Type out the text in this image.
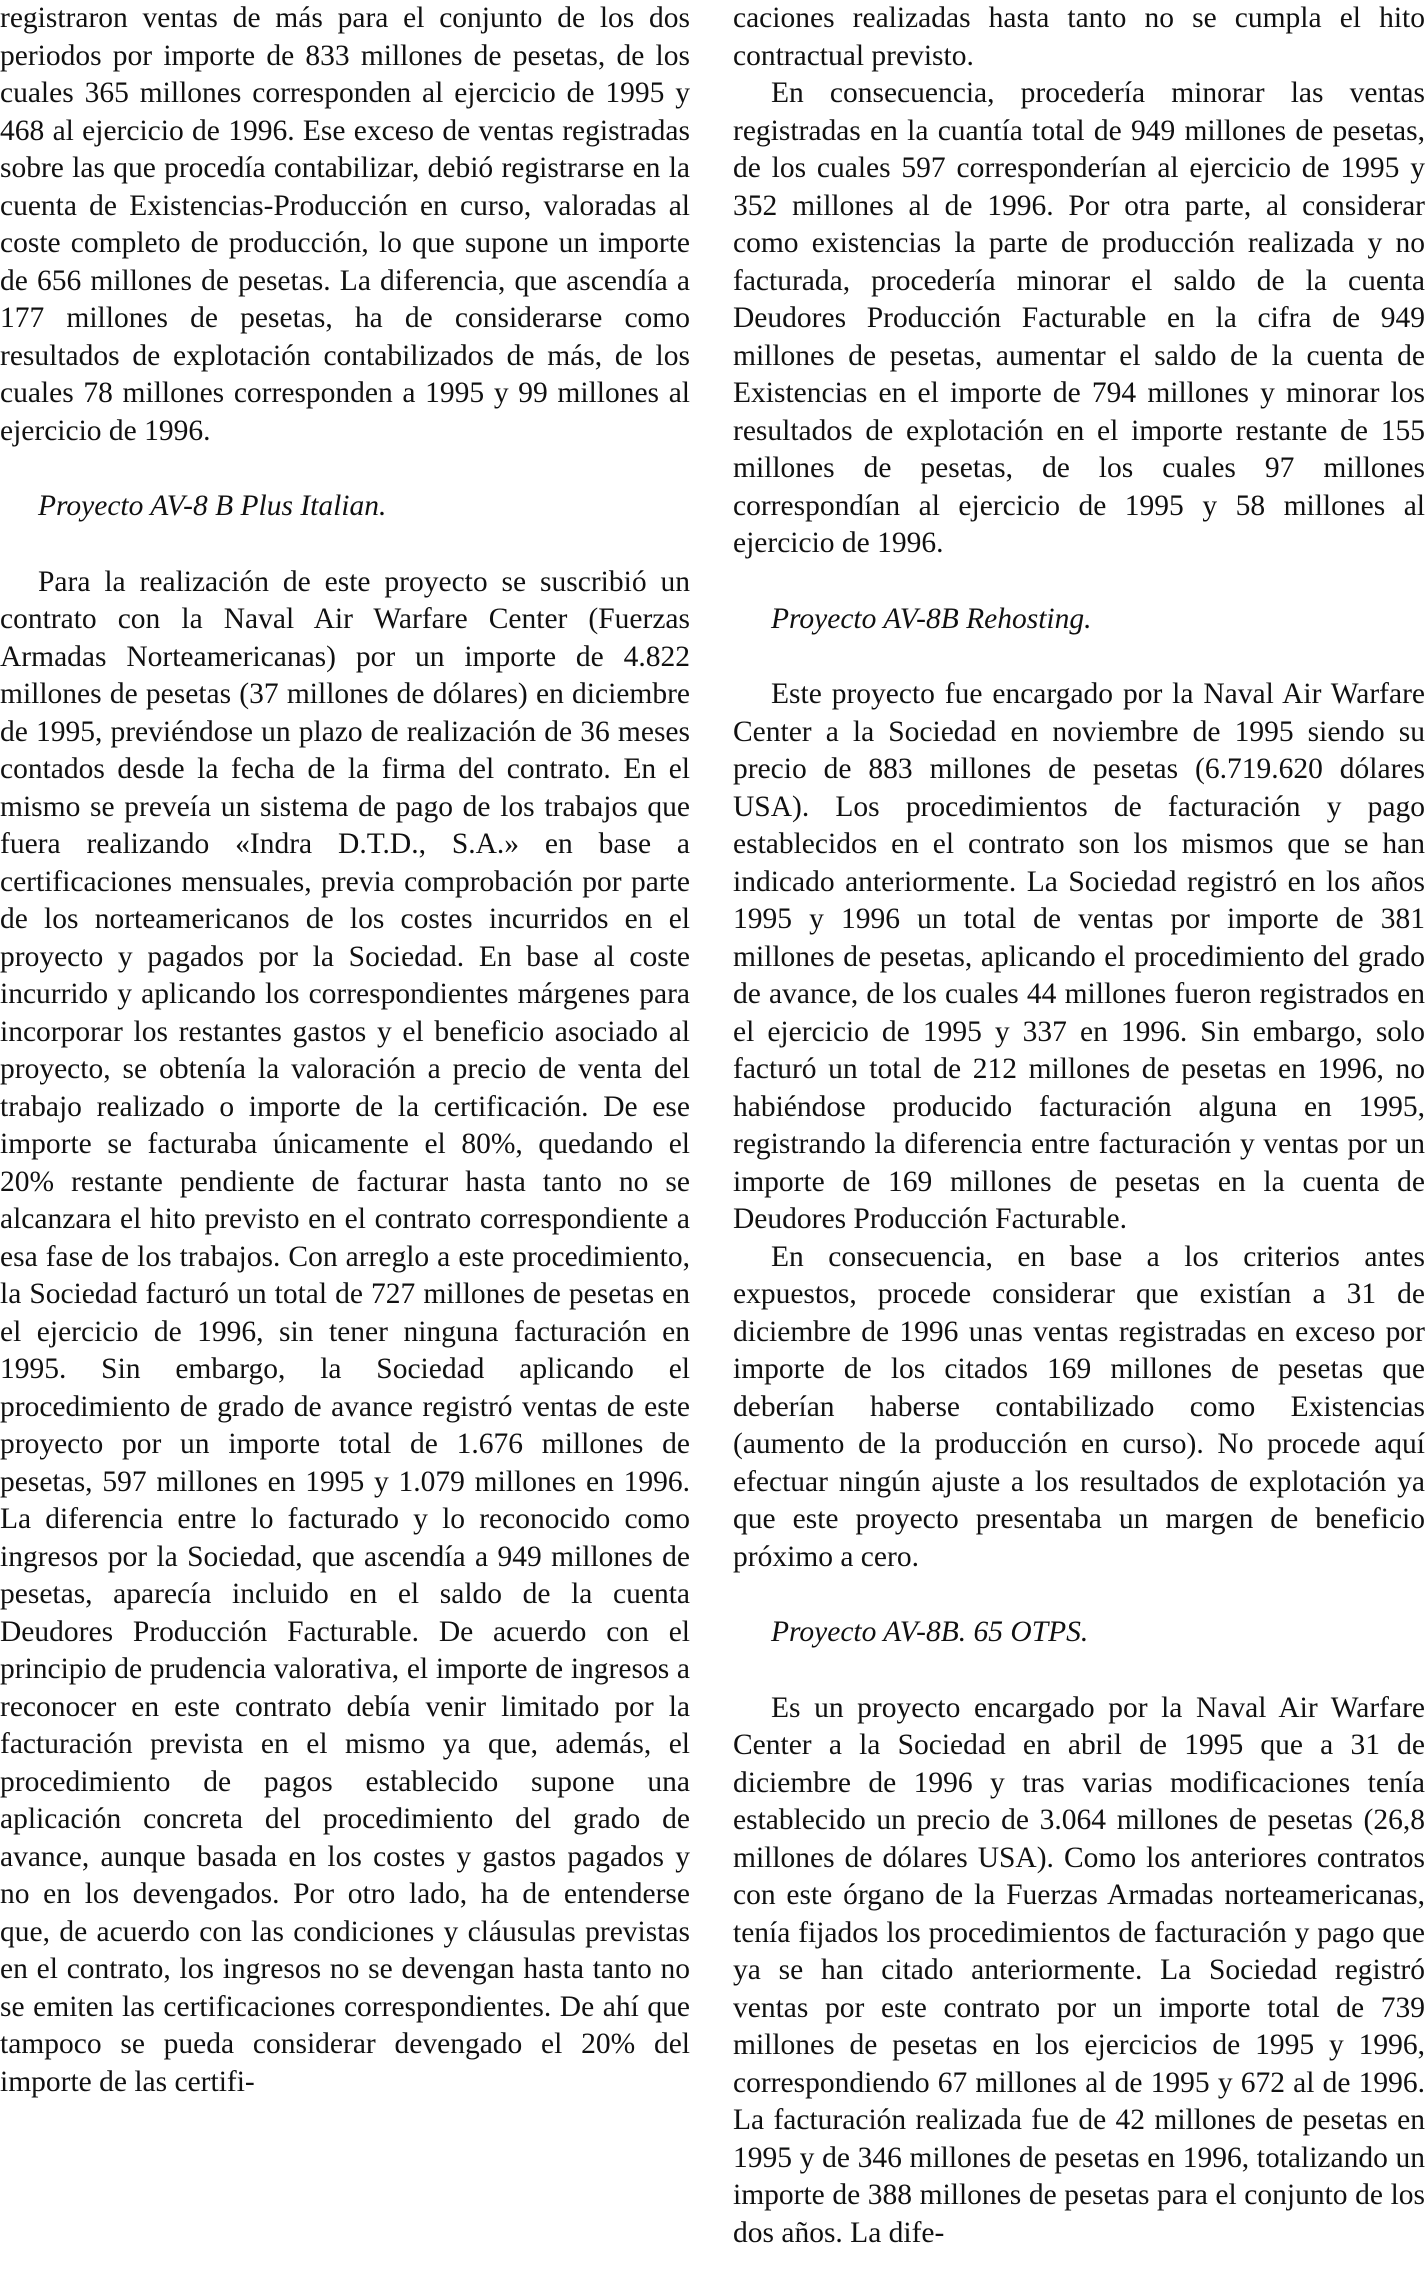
registraron ventas de más para el conjunto de los dos periodos por importe de 833 millones de pesetas, de los cuales 365 millones corresponden al ejercicio de 1995 y 468 al ejercicio de 1996. Ese exceso de ventas registradas sobre las que procedía contabilizar, debió registrarse en la cuenta de Existencias-Producción en curso, valoradas al coste completo de producción, lo que supone un importe de 656 millones de pesetas. La diferencia, que ascendía a 177 millones de pesetas, ha de considerarse como resultados de explotación contabilizados de más, de los cuales 78 millones corresponden a 1995 y 99 millones al ejercicio de 1996.

Proyecto AV-8 B Plus Italian.

Para la realización de este proyecto se suscribió un contrato con la Naval Air Warfare Center (Fuerzas Armadas Norteamericanas) por un importe de 4.822 millones de pesetas (37 millones de dólares) en diciembre de 1995, previéndose un plazo de realización de 36 meses contados desde la fecha de la firma del contrato. En el mismo se preveía un sistema de pago de los trabajos que fuera realizando «Indra D.T.D., S.A.» en base a certificaciones mensuales, previa comprobación por parte de los norteamericanos de los costes incurridos en el proyecto y pagados por la Sociedad. En base al coste incurrido y aplicando los correspondientes márgenes para incorporar los restantes gastos y el beneficio asociado al proyecto, se obtenía la valoración a precio de venta del trabajo realizado o importe de la certificación. De ese importe se facturaba únicamente el 80%, quedando el 20% restante pendiente de facturar hasta tanto no se alcanzara el hito previsto en el contrato correspondiente a esa fase de los trabajos. Con arreglo a este procedimiento, la Sociedad facturó un total de 727 millones de pesetas en el ejercicio de 1996, sin tener ninguna facturación en 1995. Sin embargo, la Sociedad aplicando el procedimiento de grado de avance registró ventas de este proyecto por un importe total de 1.676 millones de pesetas, 597 millones en 1995 y 1.079 millones en 1996. La diferencia entre lo facturado y lo reconocido como ingresos por la Sociedad, que ascendía a 949 millones de pesetas, aparecía incluido en el saldo de la cuenta Deudores Producción Facturable. De acuerdo con el principio de prudencia valorativa, el importe de ingresos a reconocer en este contrato debía venir limitado por la facturación prevista en el mismo ya que, además, el procedimiento de pagos establecido supone una aplicación concreta del procedimiento del grado de avance, aunque basada en los costes y gastos pagados y no en los devengados. Por otro lado, ha de entenderse que, de acuerdo con las condiciones y cláusulas previstas en el contrato, los ingresos no se devengan hasta tanto no se emiten las certificaciones correspondientes. De ahí que tampoco se pueda considerar devengado el 20% del importe de las certifi-

caciones realizadas hasta tanto no se cumpla el hito contractual previsto.

En consecuencia, procedería minorar las ventas registradas en la cuantía total de 949 millones de pesetas, de los cuales 597 corresponderían al ejercicio de 1995 y 352 millones al de 1996. Por otra parte, al considerar como existencias la parte de producción realizada y no facturada, procedería minorar el saldo de la cuenta Deudores Producción Facturable en la cifra de 949 millones de pesetas, aumentar el saldo de la cuenta de Existencias en el importe de 794 millones y minorar los resultados de explotación en el importe restante de 155 millones de pesetas, de los cuales 97 millones correspondían al ejercicio de 1995 y 58 millones al ejercicio de 1996.

Proyecto AV-8B Rehosting.

Este proyecto fue encargado por la Naval Air Warfare Center a la Sociedad en noviembre de 1995 siendo su precio de 883 millones de pesetas (6.719.620 dólares USA). Los procedimientos de facturación y pago establecidos en el contrato son los mismos que se han indicado anteriormente. La Sociedad registró en los años 1995 y 1996 un total de ventas por importe de 381 millones de pesetas, aplicando el procedimiento del grado de avance, de los cuales 44 millones fueron registrados en el ejercicio de 1995 y 337 en 1996. Sin embargo, solo facturó un total de 212 millones de pesetas en 1996, no habiéndose producido facturación alguna en 1995, registrando la diferencia entre facturación y ventas por un importe de 169 millones de pesetas en la cuenta de Deudores Producción Facturable.

En consecuencia, en base a los criterios antes expuestos, procede considerar que existían a 31 de diciembre de 1996 unas ventas registradas en exceso por importe de los citados 169 millones de pesetas que deberían haberse contabilizado como Existencias (aumento de la producción en curso). No procede aquí efectuar ningún ajuste a los resultados de explotación ya que este proyecto presentaba un margen de beneficio próximo a cero.

Proyecto AV-8B. 65 OTPS.

Es un proyecto encargado por la Naval Air Warfare Center a la Sociedad en abril de 1995 que a 31 de diciembre de 1996 y tras varias modificaciones tenía establecido un precio de 3.064 millones de pesetas (26,8 millones de dólares USA). Como los anteriores contratos con este órgano de la Fuerzas Armadas norteamericanas, tenía fijados los procedimientos de facturación y pago que ya se han citado anteriormente. La Sociedad registró ventas por este contrato por un importe total de 739 millones de pesetas en los ejercicios de 1995 y 1996, correspondiendo 67 millones al de 1995 y 672 al de 1996. La facturación realizada fue de 42 millones de pesetas en 1995 y de 346 millones de pesetas en 1996, totalizando un importe de 388 millones de pesetas para el conjunto de los dos años. La dife-
